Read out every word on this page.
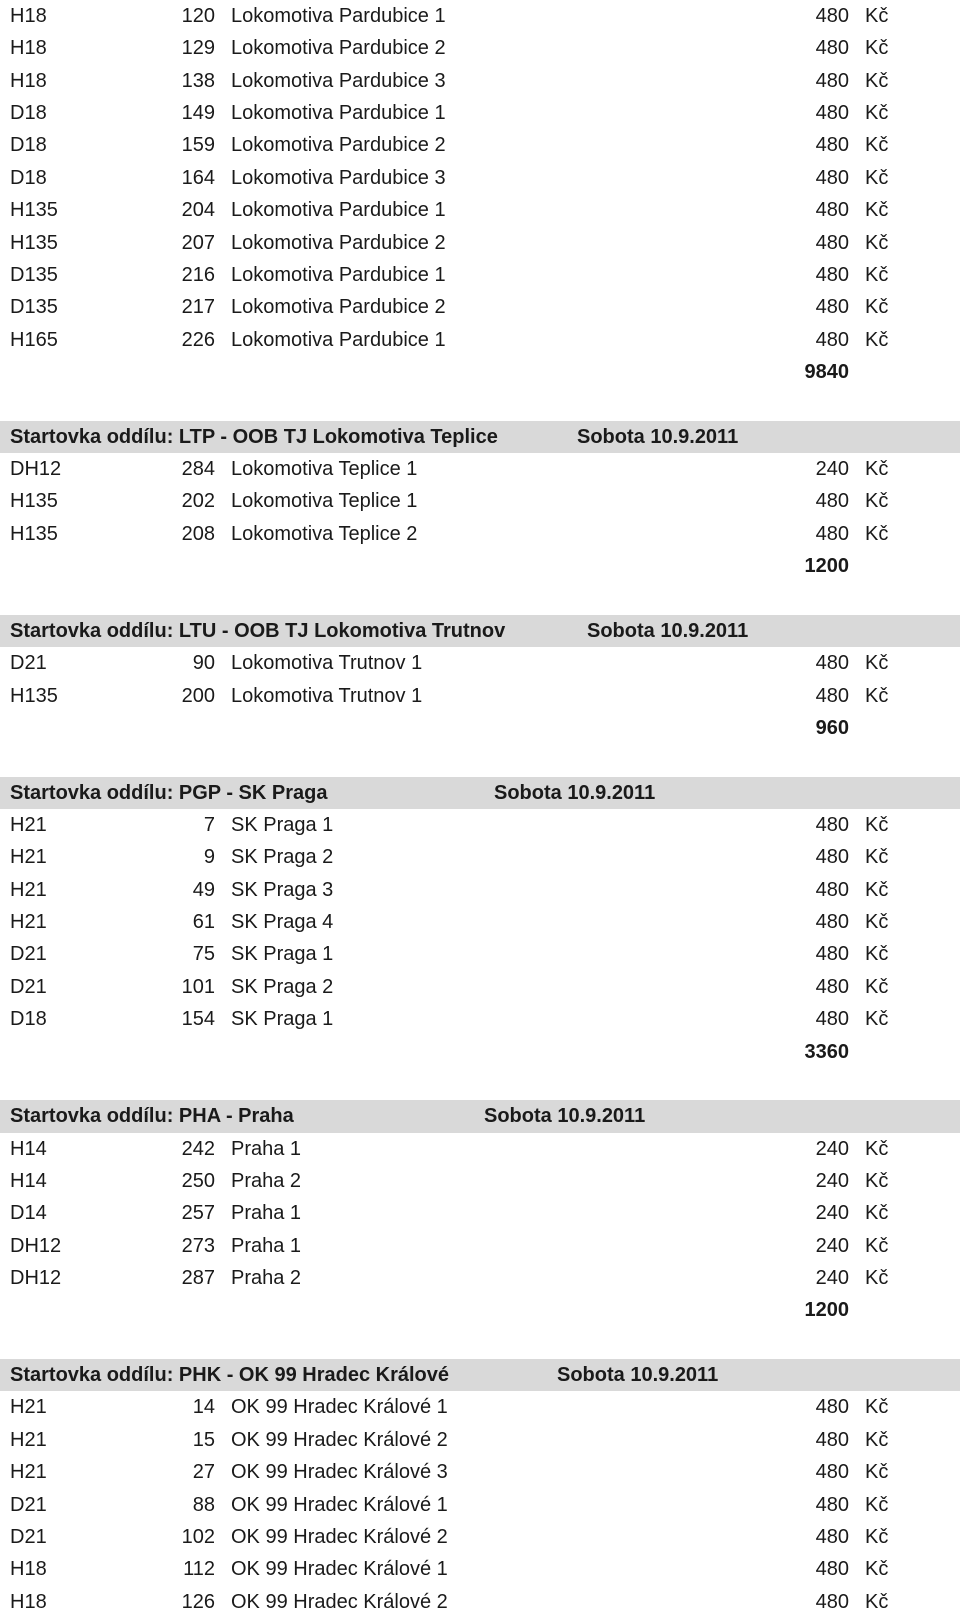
H18	120 Lokomotiva Pardubice 1	480 Kč
H18	129 Lokomotiva Pardubice 2	480 Kč
H18	138 Lokomotiva Pardubice 3	480 Kč
D18	149 Lokomotiva Pardubice 1	480 Kč
D18	159 Lokomotiva Pardubice 2	480 Kč
D18	164 Lokomotiva Pardubice 3	480 Kč
H135	204 Lokomotiva Pardubice 1	480 Kč
H135	207 Lokomotiva Pardubice 2	480 Kč
D135	216 Lokomotiva Pardubice 1	480 Kč
D135	217 Lokomotiva Pardubice 2	480 Kč
H165	226 Lokomotiva Pardubice 1	480 Kč
9840
Startovka oddílu: LTP - OOB TJ Lokomotiva Teplice	Sobota 10.9.2011
DH12	284 Lokomotiva Teplice 1	240 Kč
H135	202 Lokomotiva Teplice 1	480 Kč
H135	208 Lokomotiva Teplice 2	480 Kč
1200
Startovka oddílu: LTU - OOB TJ Lokomotiva Trutnov	Sobota 10.9.2011
D21	90 Lokomotiva Trutnov 1	480 Kč
H135	200 Lokomotiva Trutnov 1	480 Kč
960
Startovka oddílu: PGP - SK Praga	Sobota 10.9.2011
H21	7 SK Praga 1	480 Kč
H21	9 SK Praga 2	480 Kč
H21	49 SK Praga 3	480 Kč
H21	61 SK Praga 4	480 Kč
D21	75 SK Praga 1	480 Kč
D21	101 SK Praga 2	480 Kč
D18	154 SK Praga 1	480 Kč
3360
Startovka oddílu: PHA - Praha	Sobota 10.9.2011
H14	242 Praha 1	240 Kč
H14	250 Praha 2	240 Kč
D14	257 Praha 1	240 Kč
DH12	273 Praha 1	240 Kč
DH12	287 Praha 2	240 Kč
1200
Startovka oddílu: PHK - OK 99 Hradec Králové	Sobota 10.9.2011
H21	14 OK 99 Hradec Králové 1	480 Kč
H21	15 OK 99 Hradec Králové 2	480 Kč
H21	27 OK 99 Hradec Králové 3	480 Kč
D21	88 OK 99 Hradec Králové 1	480 Kč
D21	102 OK 99 Hradec Králové 2	480 Kč
H18	112 OK 99 Hradec Králové 1	480 Kč
H18	126 OK 99 Hradec Králové 2	480 Kč
